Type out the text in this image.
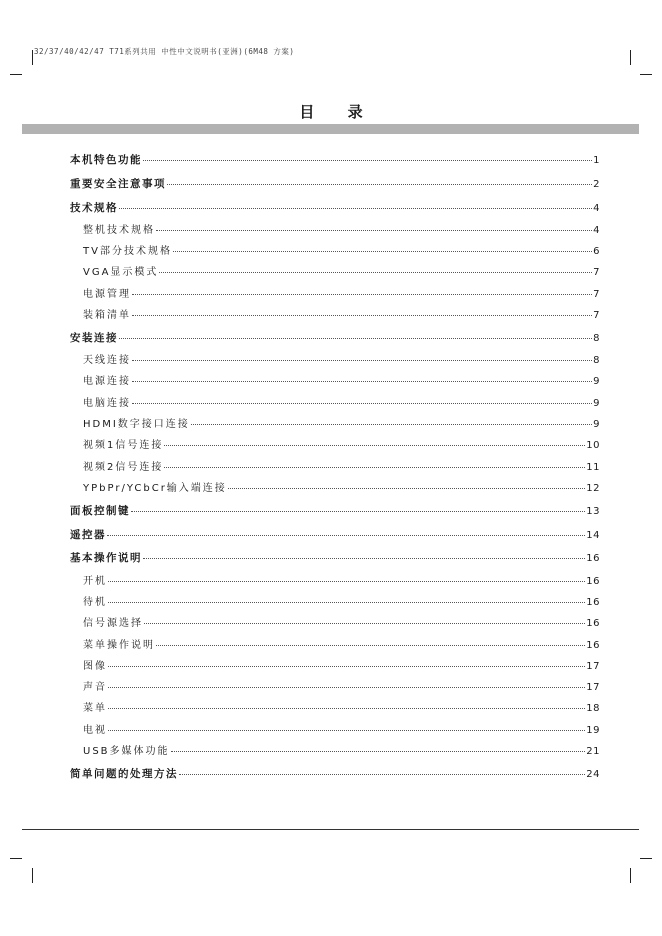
32/37/40/42/47 T71系列共用 中性中文说明书(亚洲)(6M48 方案)
目 录
本机特色功能	1
重要安全注意事项	2
技术规格	4
整机技术规格	4
TV部分技术规格	6
VGA显示模式	7
电源管理	7
装箱清单	7
安装连接	8
天线连接	8
电源连接	9
电脑连接	9
HDMI数字接口连接	9
视频1信号连接	10
视频2信号连接	11
YPbPr/YCbCr输入端连接	12
面板控制键	13
遥控器	14
基本操作说明	16
开机	16
待机	16
信号源选择	16
菜单操作说明	16
图像	17
声音	17
菜单	18
电视	19
USB多媒体功能	21
简单问题的处理方法	24
